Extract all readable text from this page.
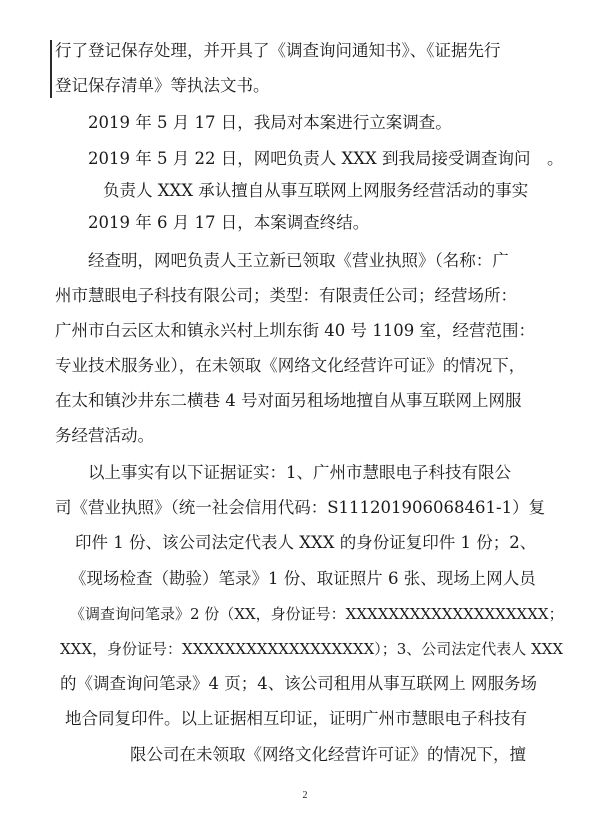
行了登记保存处理，并开具了《调查询问通知书》、《证据先行

登记保存清单》等执法文书。

2019 年 5 月 17 日，我局对本案进行立案调查。

2019 年 5 月 22 日，网吧负责人 XXX 到我局接受调查询问　。

负责人 XXX 承认擅自从事互联网上网服务经营活动的事实

2019 年 6 月 17 日，本案调查终结。

经查明，网吧负责人王立新已领取《营业执照》（名称：广

州市慧眼电子科技有限公司；类型：有限责任公司；经营场所：

广州市白云区太和镇永兴村上圳东街 40 号 1109 室，经营范围：

专业技术服务业），在未领取《网络文化经营许可证》的情况下，

在太和镇沙井东二横巷 4 号对面另租场地擅自从事互联网上网服

务经营活动。

以上事实有以下证据证实：1、广州市慧眼电子科技有限公

司《营业执照》（统一社会信用代码：S111201906068461-1）复

印件 1 份、该公司法定代表人 XXX 的身份证复印件 1 份；2、

《现场检查（勘验）笔录》1 份、取证照片 6 张、现场上网人员

《调查询问笔录》2 份（XX，身份证号：XXXXXXXXXXXXXXXXXXX；

XXX，身份证号：XXXXXXXXXXXXXXXXXX）；3、公司法定代表人 XXX

的《调查询问笔录》4 页；4、该公司租用从事互联网上 网服务场

地合同复印件。以上证据相互印证，证明广州市慧眼电子科技有

限公司在未领取《网络文化经营许可证》的情况下，擅

2
